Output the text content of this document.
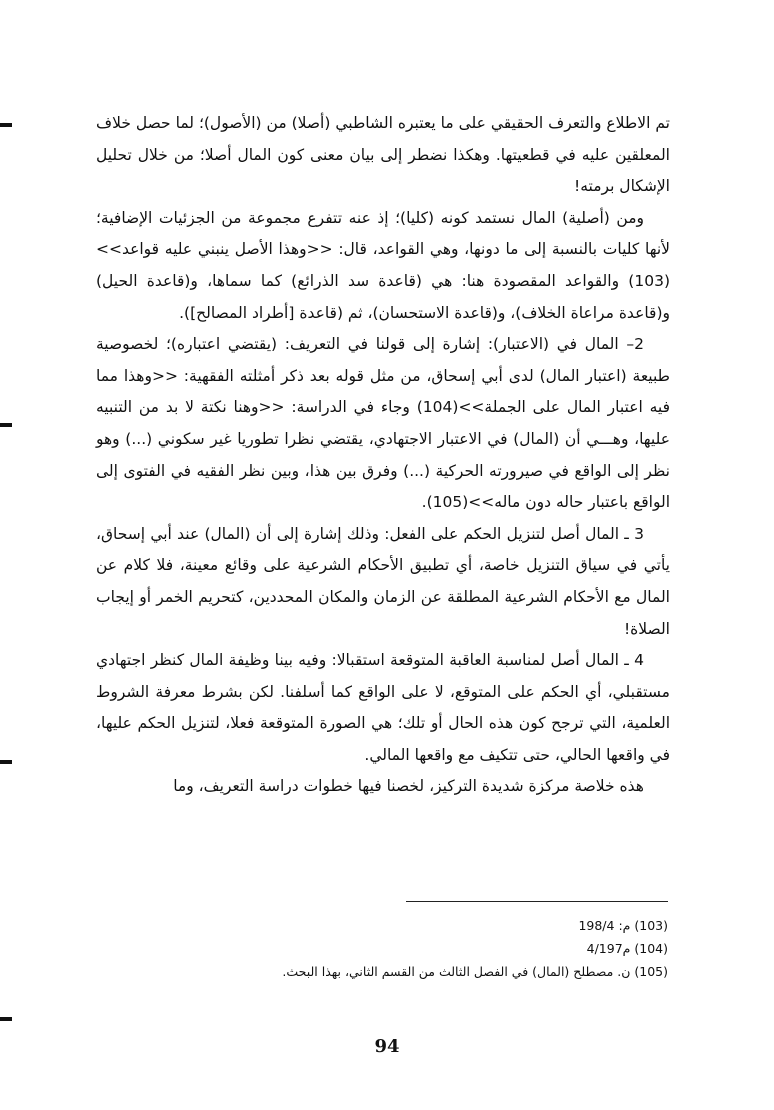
تم الاطلاع والتعرف الحقيقي على ما يعتبره الشاطبي (أصلا) من (الأصول)؛ لما حصل خلاف المعلقين عليه في قطعيتها. وهكذا نضطر إلى بيان معنى كون المال أصلا؛ من خلال تحليل الإشكال برمته!

ومن (أصلية) المال نستمد كونه (كليا)؛ إذ عنه تتفرع مجموعة من الجزئيات الإضافية؛ لأنها كليات بالنسبة إلى ما دونها، وهي القواعد، قال: <<وهذا الأصل ينبني عليه قواعد>>(103) والقواعد المقصودة هنا: هي (قاعدة سد الذرائع) كما سماها، و(قاعدة الحيل) و(قاعدة مراعاة الخلاف)، و(قاعدة الاستحسان)، ثم (قاعدة [أطراد المصالح]).

2– المال في (الاعتبار): إشارة إلى قولنا في التعريف: (يقتضي اعتباره)؛ لخصوصية طبيعة (اعتبار المال) لدى أبي إسحاق، من مثل قوله بعد ذكر أمثلته الفقهية: <<وهذا مما فيه اعتبار المال على الجملة>>(104) وجاء في الدراسة: <<وهنا نكتة لا بد من التنبيه عليها، وهـــي أن (المال) في الاعتبار الاجتهادي، يقتضي نظرا تطوريا غير سكوني (...) وهو نظر إلى الواقع في صيرورته الحركية (...) وفرق بين هذا، وبين نظر الفقيه في الفتوى إلى الواقع باعتبار حاله دون ماله>>(105).

3 ـ المال أصل لتنزيل الحكم على الفعل: وذلك إشارة إلى أن (المال) عند أبي إسحاق، يأتي في سياق التنزيل خاصة، أي تطبيق الأحكام الشرعية على وقائع معينة، فلا كلام عن المال مع الأحكام الشرعية المطلقة عن الزمان والمكان المحددين، كتحريم الخمر أو إيجاب الصلاة!

4 ـ المال أصل لمناسبة العاقبة المتوقعة استقبالا: وفيه بينا وظيفة المال كنظر اجتهادي مستقبلي، أي الحكم على المتوقع، لا على الواقع كما أسلفنا. لكن بشرط معرفة الشروط العلمية، التي ترجح كون هذه الحال أو تلك؛ هي الصورة المتوقعة فعلا، لتنزيل الحكم عليها، في واقعها الحالي، حتى تتكيف مع واقعها المالي.

هذه خلاصة مركزة شديدة التركيز، لخصنا فيها خطوات دراسة التعريف، وما

(103) م: 198/4
(104) م4/197
(105) ن. مصطلح (المال) في الفصل الثالث من القسم الثاني، بهذا البحث.
94
